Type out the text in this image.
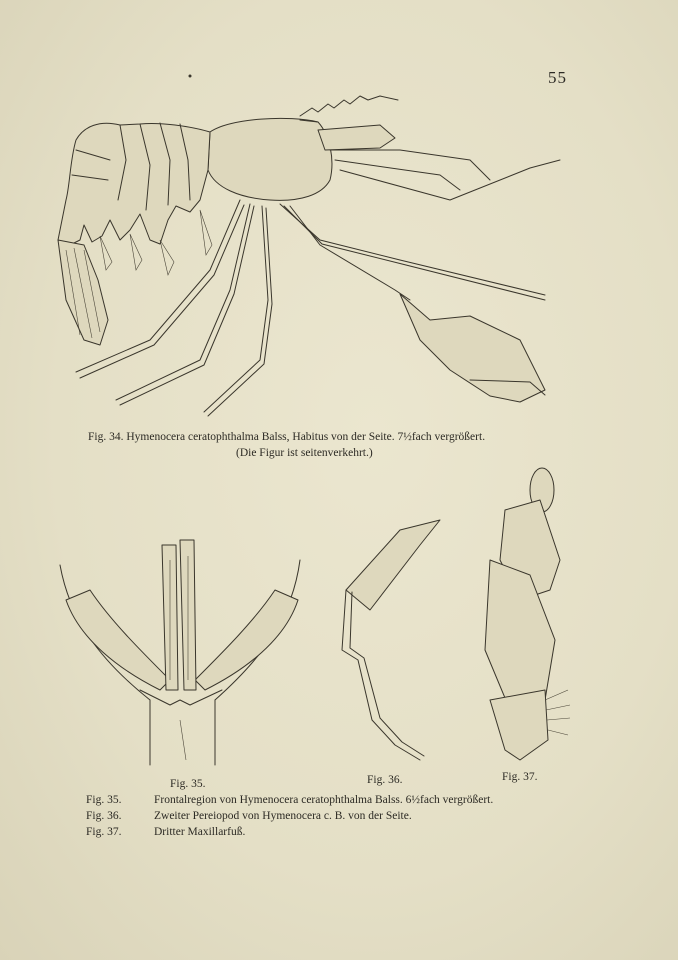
55
Fig. 34. Hymenocera ceratophthalma Balss, Habitus von der Seite. 7½fach vergrößert.
(Die Figur ist seitenverkehrt.)
Fig. 35.	Fig. 36.	Fig. 37.
Fig. 35.	Frontalregion von Hymenocera ceratophthalma Balss. 6½fach vergrößert.
Fig. 36.	Zweiter Pereiopod von Hymenocera c. B. von der Seite.
Fig. 37.	Dritter Maxillarfuß.
